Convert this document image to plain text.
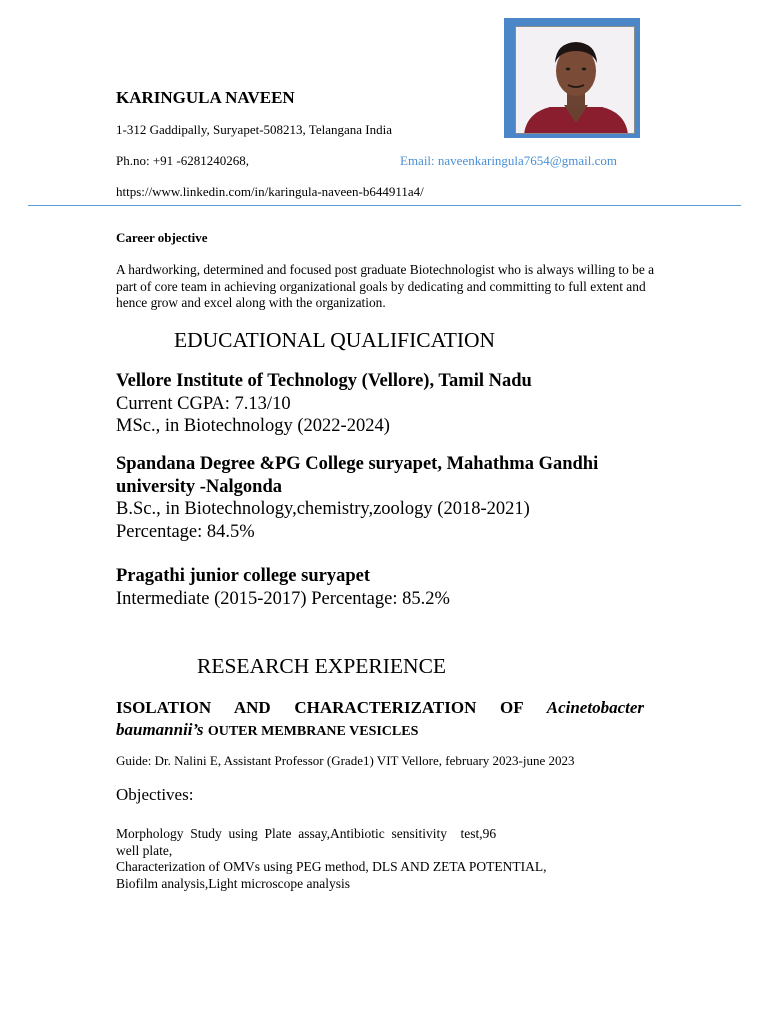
KARINGULA NAVEEN
1-312 Gaddipally, Suryapet-508213, Telangana India
Ph.no: +91 -6281240268,	Email: naveenkaringula7654@gmail.com
https://www.linkedin.com/in/karingula-naveen-b644911a4/
Career objective
A hardworking, determined and focused post graduate Biotechnologist who is always willing to be a part of core team in achieving organizational goals by dedicating and committing to full extent and hence grow and excel along with the organization.
EDUCATIONAL QUALIFICATION
Vellore Institute of Technology (Vellore), Tamil Nadu
Current CGPA: 7.13/10
MSc., in Biotechnology (2022-2024)
Spandana Degree &PG College suryapet, Mahathma Gandhi university -Nalgonda
B.Sc., in Biotechnology,chemistry,zoology (2018-2021)
Percentage: 84.5%
Pragathi junior college suryapet
Intermediate (2015-2017) Percentage: 85.2%
RESEARCH EXPERIENCE
ISOLATION AND CHARACTERIZATION OF Acinetobacter
baumannii’s OUTER MEMBRANE VESICLES
Guide: Dr. Nalini E, Assistant Professor (Grade1) VIT Vellore, february 2023-june 2023
Objectives:
Morphology  Study  using  Plate  assay,Antibiotic  sensitivity    test,96
well plate,
Characterization of OMVs using PEG method, DLS AND ZETA POTENTIAL,
Biofilm analysis,Light microscope analysis
